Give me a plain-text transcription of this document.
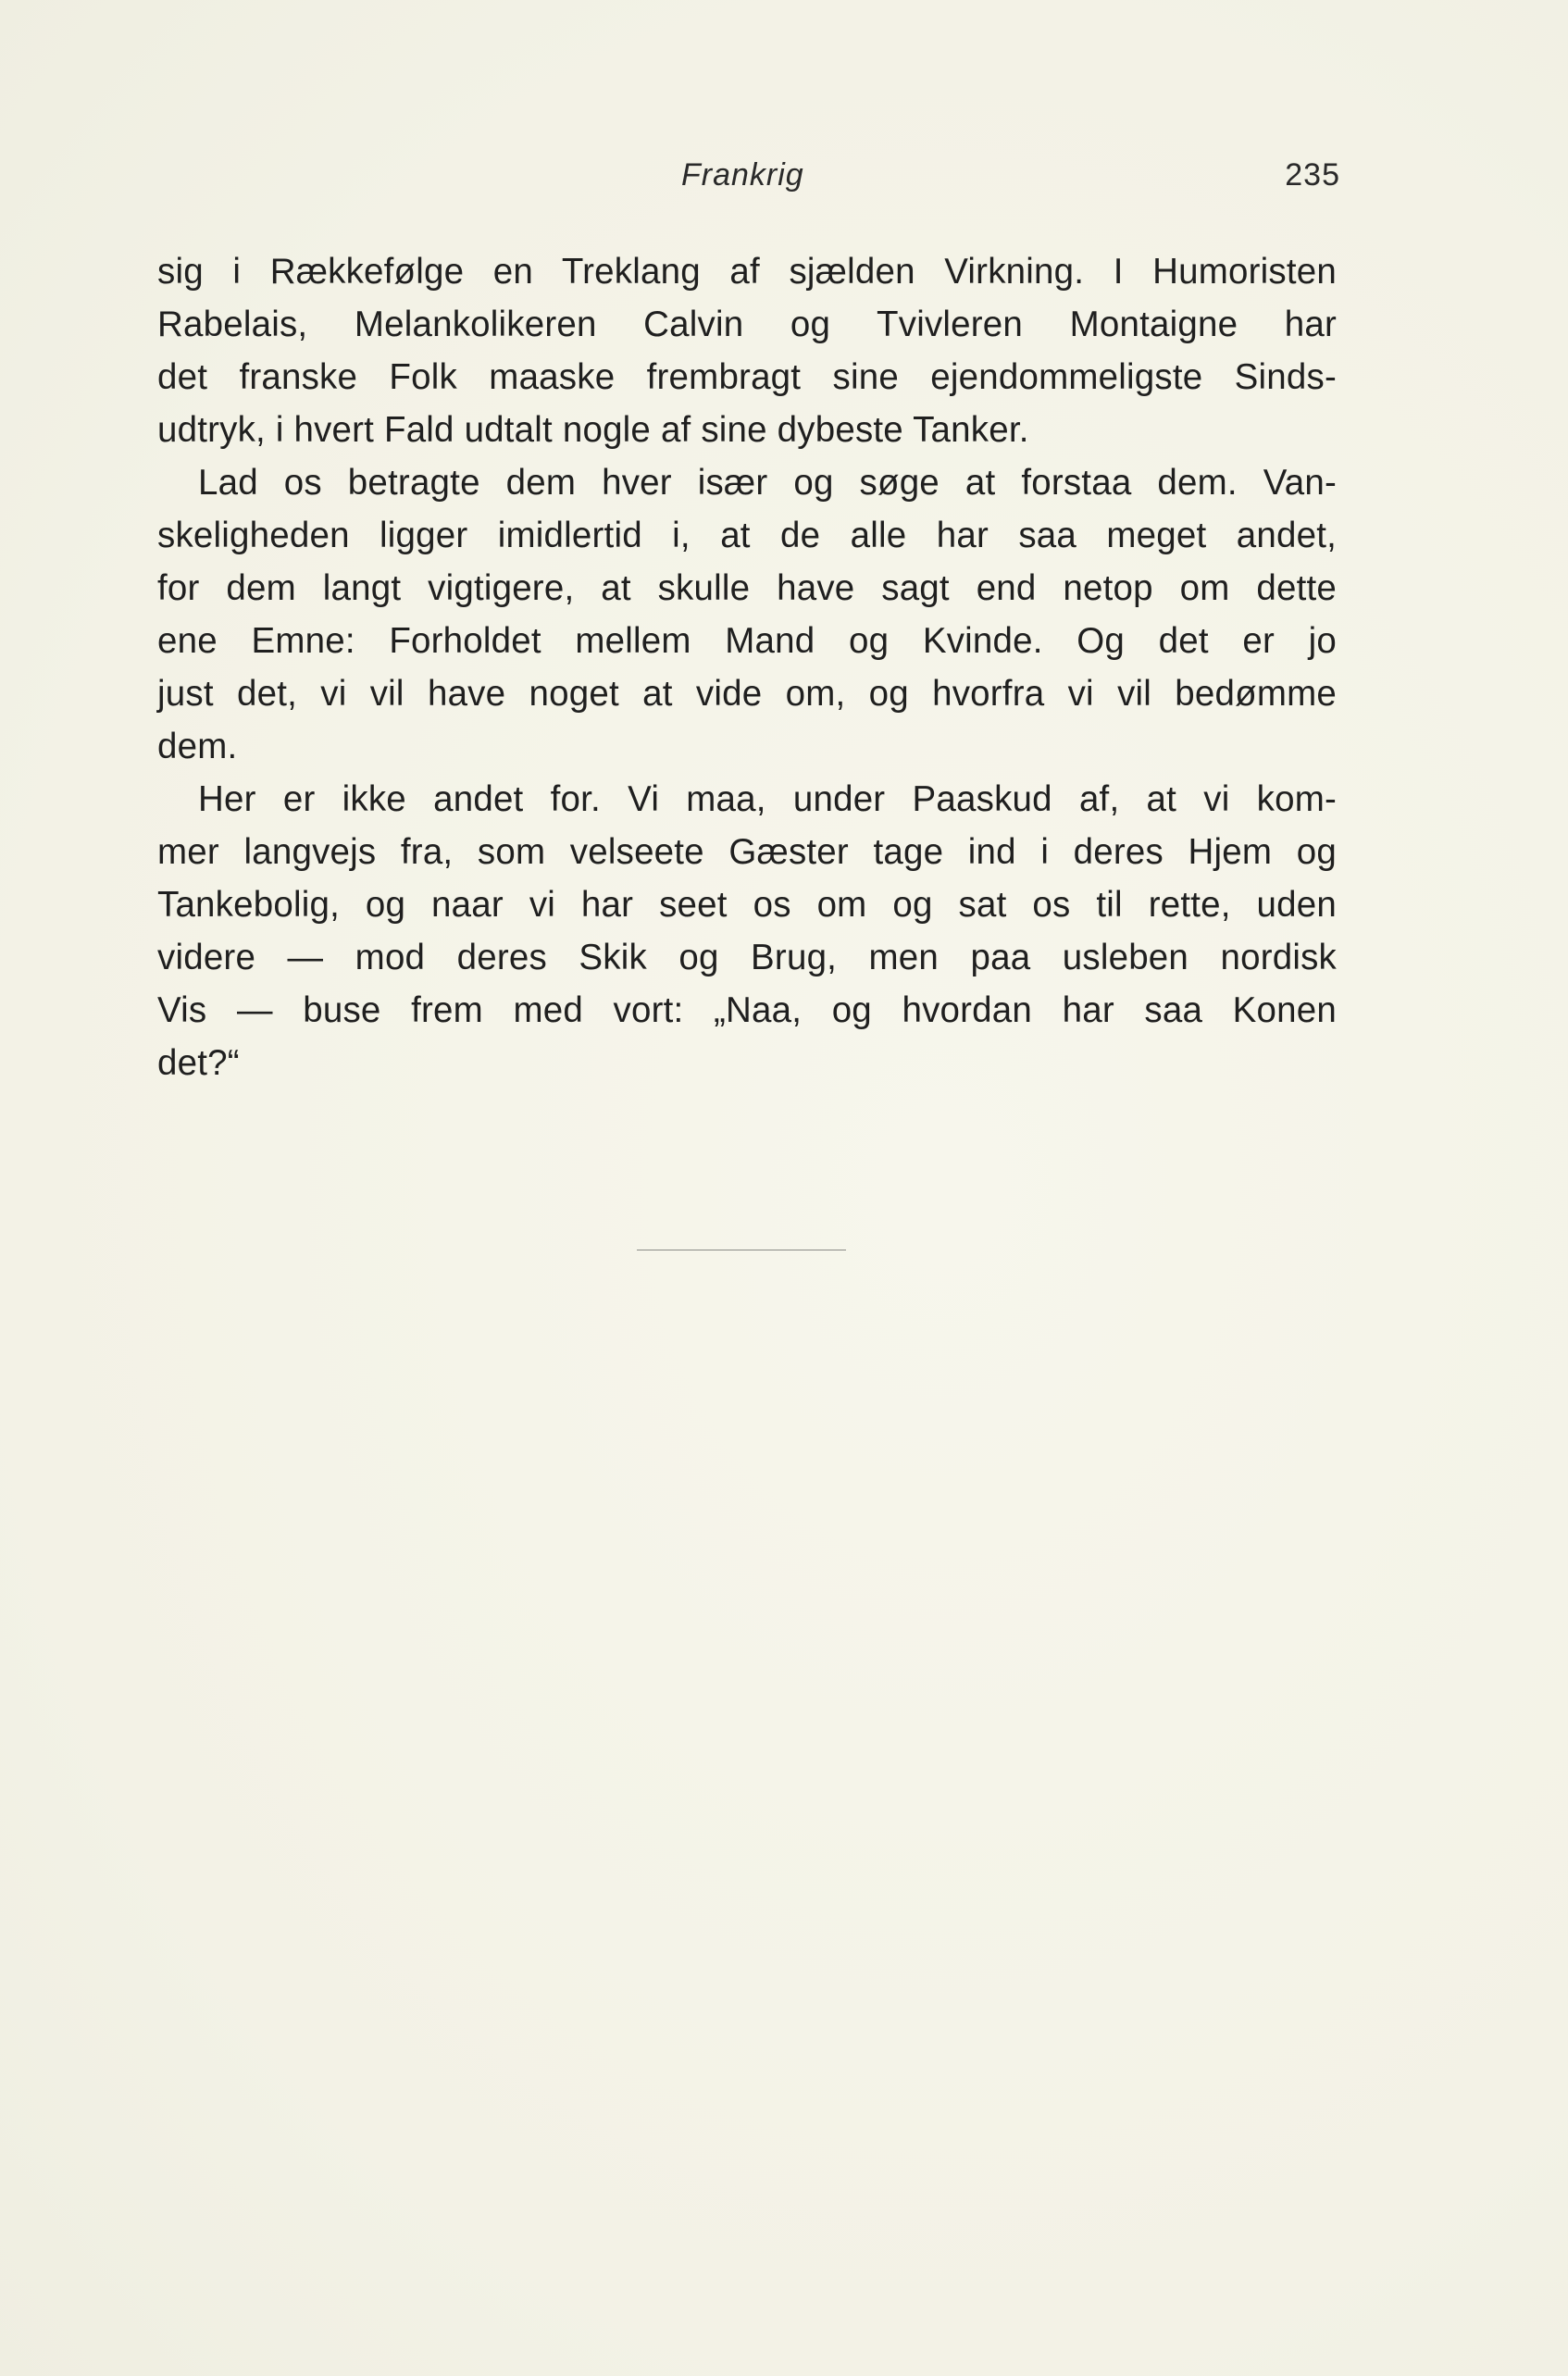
Frankrig	235
sig i Rækkefølge en Treklang af sjælden Virkning. I Humoristen
Rabelais, Melankolikeren Calvin og Tvivleren Montaigne har
det franske Folk maaske frembragt sine ejendommeligste Sinds-
udtryk, i hvert Fald udtalt nogle af sine dybeste Tanker.
Lad os betragte dem hver især og søge at forstaa dem. Van-
skeligheden ligger imidlertid i, at de alle har saa meget andet,
for dem langt vigtigere, at skulle have sagt end netop om dette
ene Emne: Forholdet mellem Mand og Kvinde. Og det er jo
just det, vi vil have noget at vide om, og hvorfra vi vil bedømme
dem.
Her er ikke andet for. Vi maa, under Paaskud af, at vi kom-
mer langvejs fra, som velseete Gæster tage ind i deres Hjem og
Tankebolig, og naar vi har seet os om og sat os til rette, uden
videre — mod deres Skik og Brug, men paa usleben nordisk
Vis — buse frem med vort: „Naa, og hvordan har saa Konen
det?“
